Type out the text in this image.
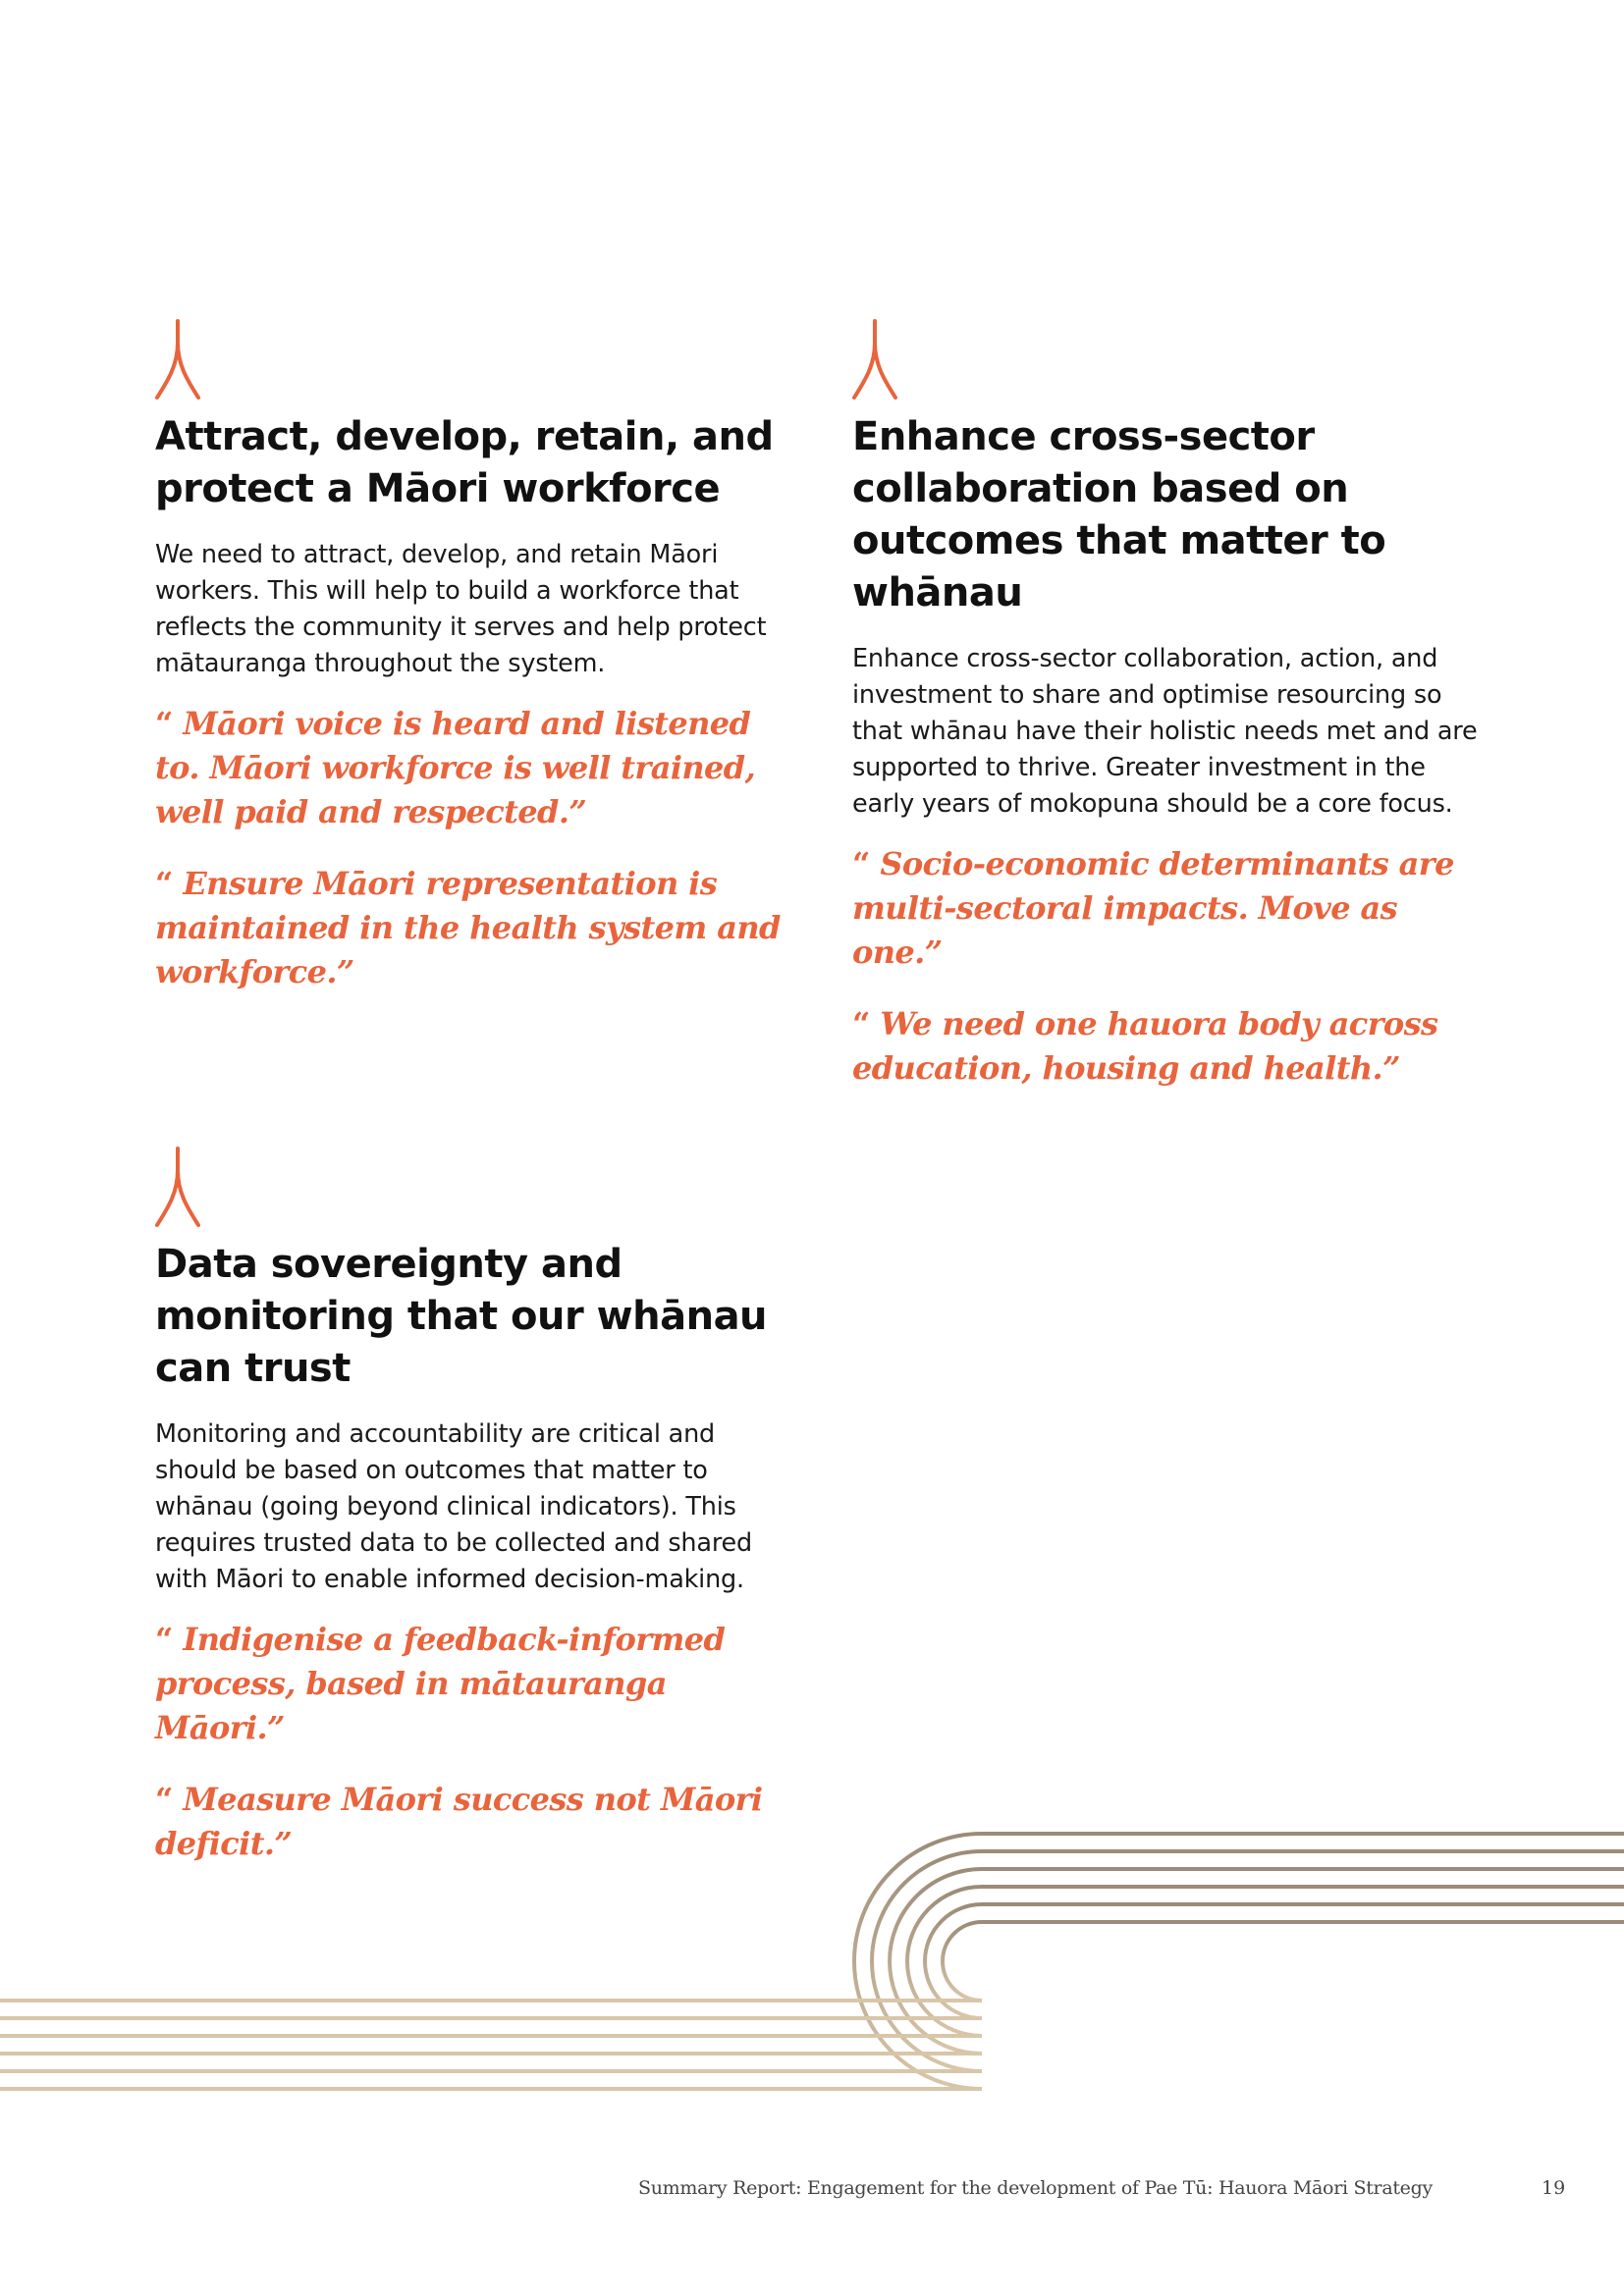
Attract, develop, retain, and protect a Māori workforce

We need to attract, develop, and retain Māori workers. This will help to build a workforce that reflects the community it serves and help protect mātauranga throughout the system.

“ Māori voice is heard and listened to. Māori workforce is well trained, well paid and respected.”

“ Ensure Māori representation is maintained in the health system and workforce.”

Enhance cross-sector collaboration based on outcomes that matter to whānau

Enhance cross-sector collaboration, action, and investment to share and optimise resourcing so that whānau have their holistic needs met and are supported to thrive. Greater investment in the early years of mokopuna should be a core focus.

“ Socio-economic determinants are multi-sectoral impacts. Move as one.”

“ We need one hauora body across education, housing and health.”

Data sovereignty and monitoring that our whānau can trust

Monitoring and accountability are critical and should be based on outcomes that matter to whānau (going beyond clinical indicators). This requires trusted data to be collected and shared with Māori to enable informed decision-making.

“ Indigenise a feedback-informed process, based in mātauranga Māori.”

“ Measure Māori success not Māori deficit.”

Summary Report: Engagement for the development of Pae Tū: Hauora Māori Strategy	19
